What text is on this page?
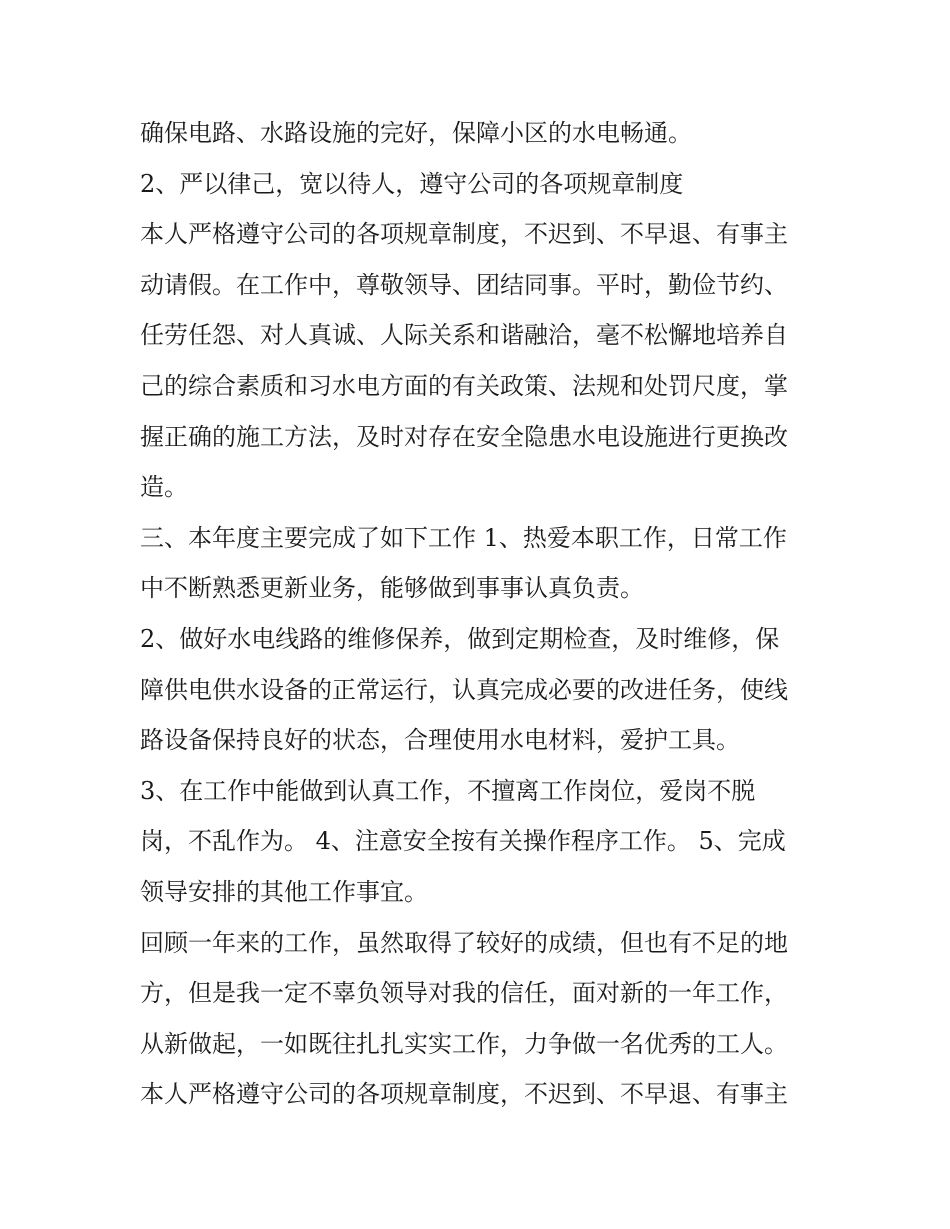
确保电路、水路设施的完好，保障小区的水电畅通。
2、严以律己，宽以待人，遵守公司的各项规章制度
本人严格遵守公司的各项规章制度，不迟到、不早退、有事主
动请假。在工作中，尊敬领导、团结同事。平时，勤俭节约、
任劳任怨、对人真诚、人际关系和谐融洽，毫不松懈地培养自
己的综合素质和习水电方面的有关政策、法规和处罚尺度，掌
握正确的施工方法，及时对存在安全隐患水电设施进行更换改
造。
三、本年度主要完成了如下工作 1、热爱本职工作，日常工作
中不断熟悉更新业务，能够做到事事认真负责。
2、做好水电线路的维修保养，做到定期检查，及时维修，保
障供电供水设备的正常运行，认真完成必要的改进任务，使线
路设备保持良好的状态，合理使用水电材料，爱护工具。
3、在工作中能做到认真工作，不擅离工作岗位，爱岗不脱
岗，不乱作为。 4、注意安全按有关操作程序工作。 5、完成
领导安排的其他工作事宜。
回顾一年来的工作，虽然取得了较好的成绩，但也有不足的地
方，但是我一定不辜负领导对我的信任，面对新的一年工作，
从新做起，一如既往扎扎实实工作，力争做一名优秀的工人。
本人严格遵守公司的各项规章制度，不迟到、不早退、有事主
